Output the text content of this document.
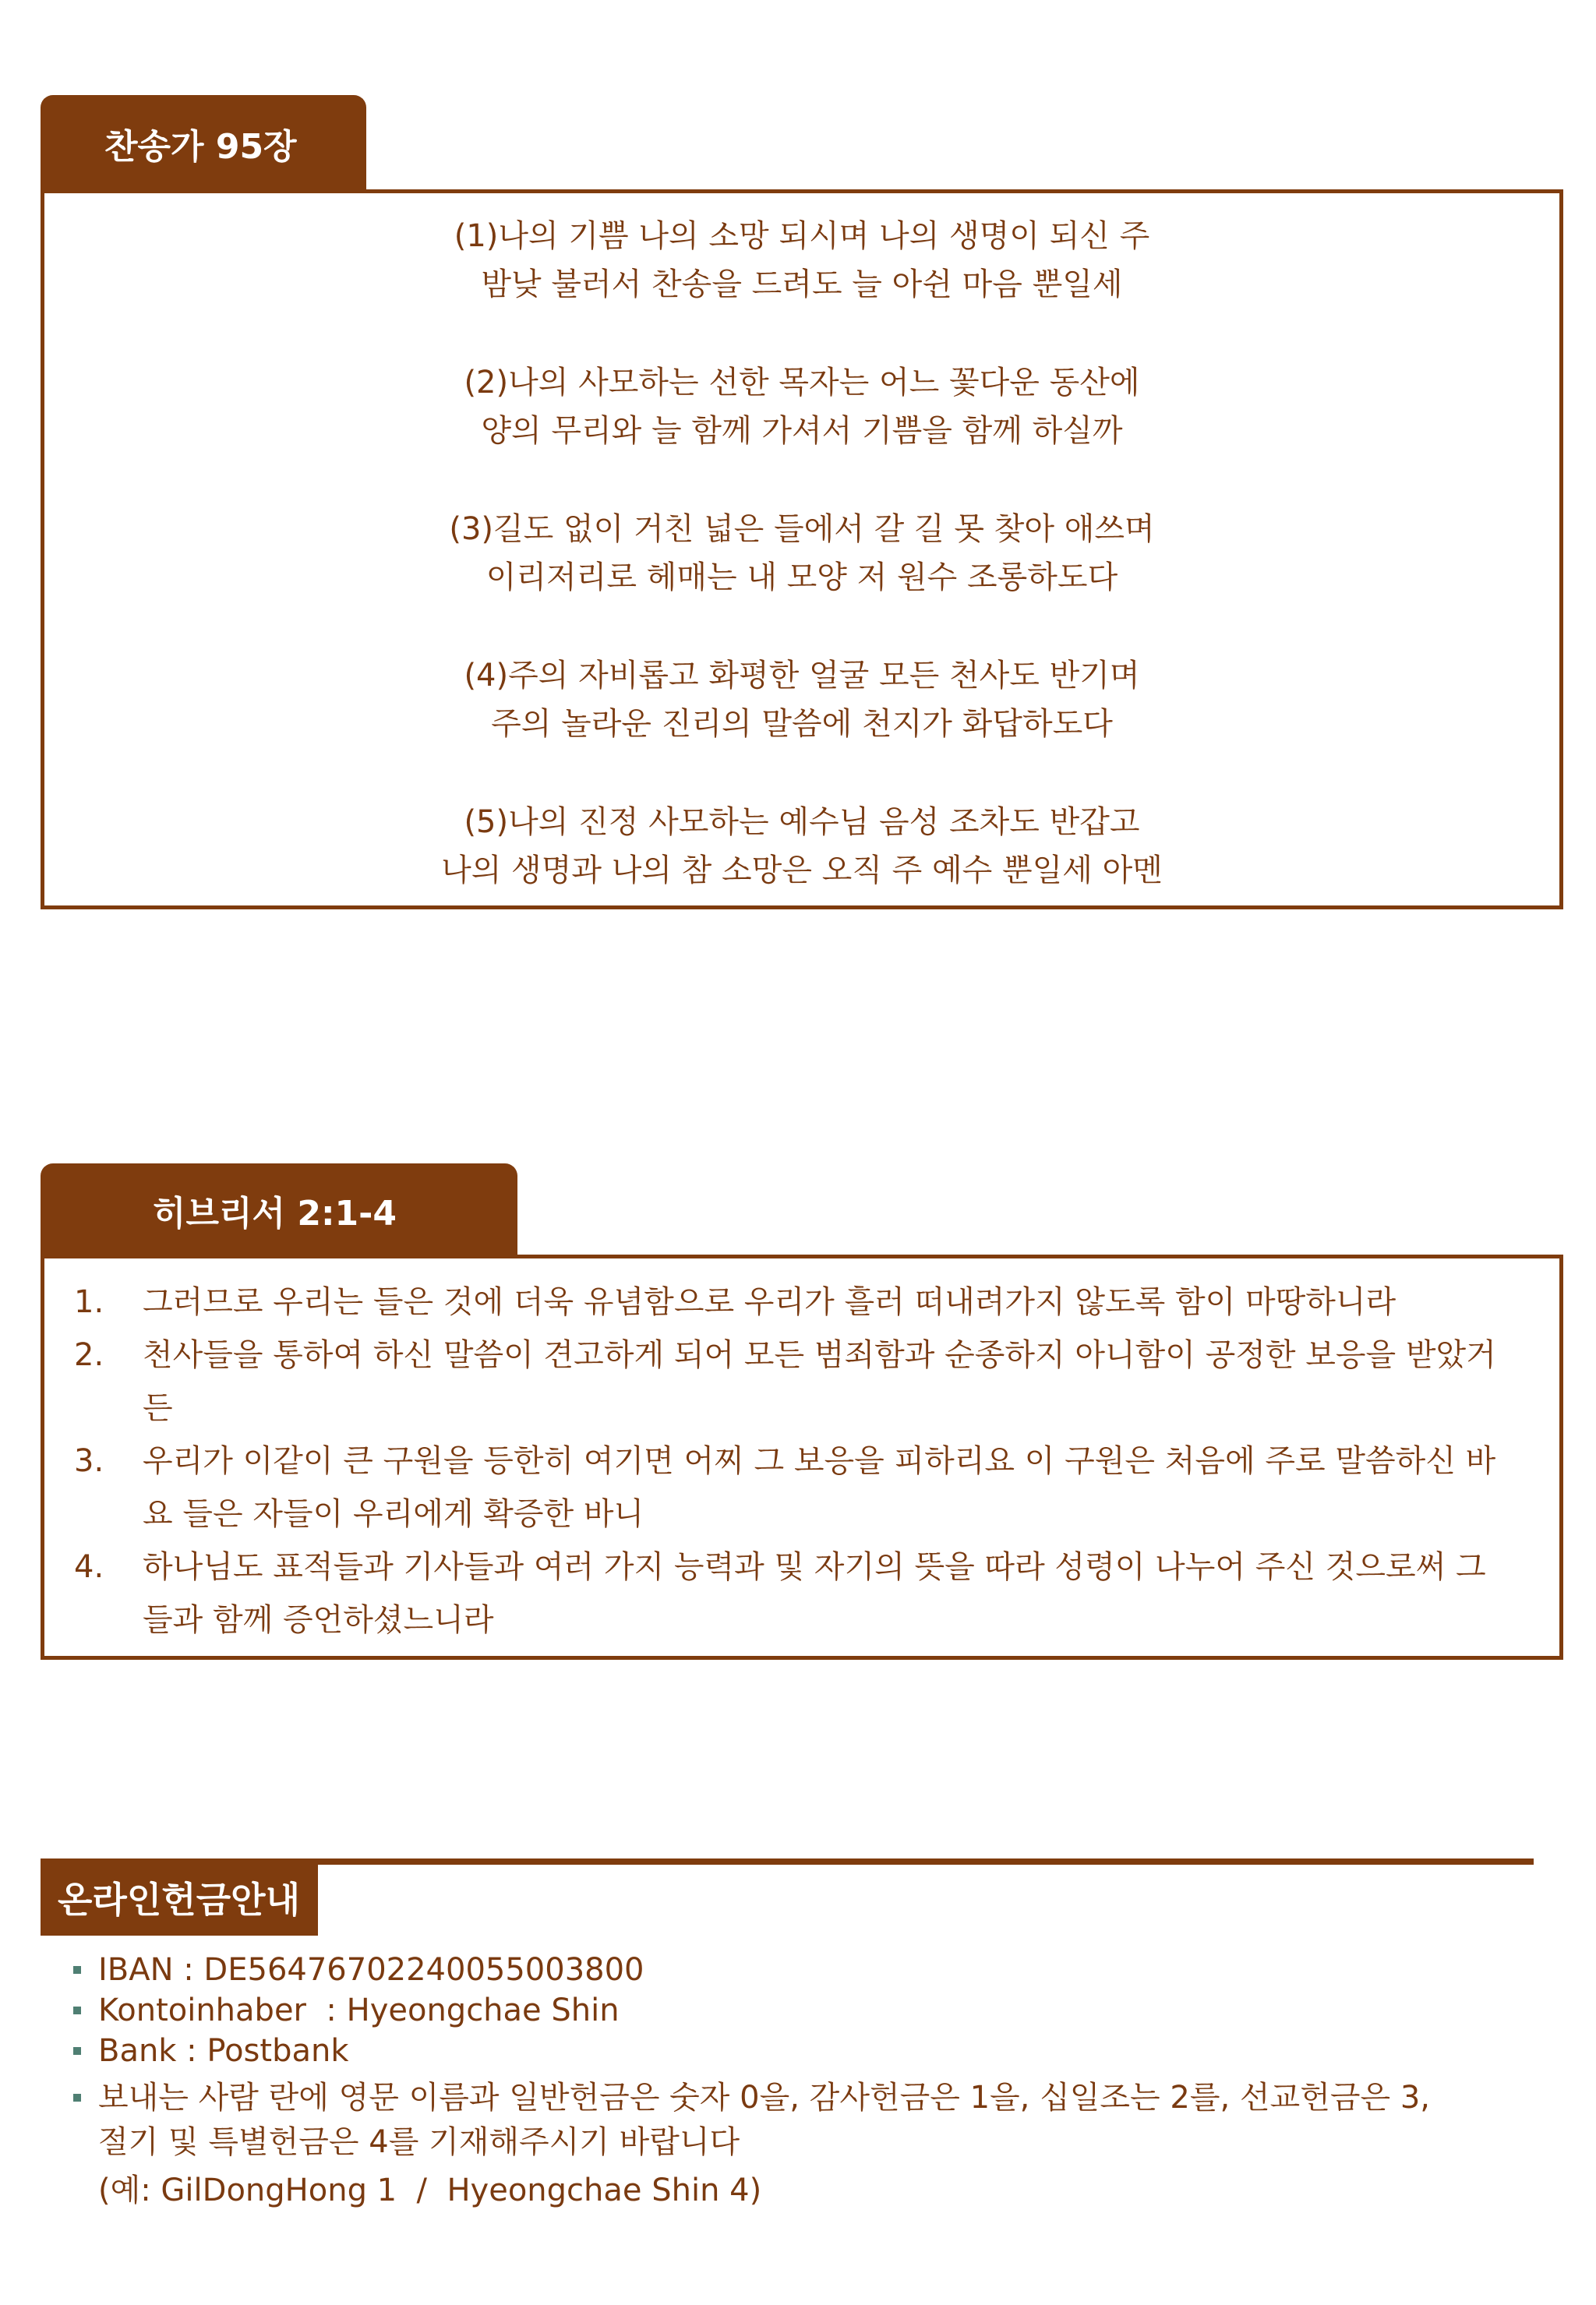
찬송가 95장
(1)나의 기쁨 나의 소망 되시며 나의 생명이 되신 주
밤낮 불러서 찬송을 드려도 늘 아쉰 마음 뿐일세
(2)나의 사모하는 선한 목자는 어느 꽃다운 동산에
양의 무리와 늘 함께 가셔서 기쁨을 함께 하실까
(3)길도 없이 거친 넓은 들에서 갈 길 못 찾아 애쓰며
이리저리로 헤매는 내 모양 저 원수 조롱하도다
(4)주의 자비롭고 화평한 얼굴 모든 천사도 반기며
주의 놀라운 진리의 말씀에 천지가 화답하도다
(5)나의 진정 사모하는 예수님 음성 조차도 반갑고
나의 생명과 나의 참 소망은 오직 주 예수 뿐일세 아멘
히브리서 2:1-4
1.	그러므로 우리는 들은 것에 더욱 유념함으로 우리가 흘러 떠내려가지 않도록 함이 마땅하니라
2.	천사들을 통하여 하신 말씀이 견고하게 되어 모든 범죄함과 순종하지 아니함이 공정한 보응을 받았거
든
3.	우리가 이같이 큰 구원을 등한히 여기면 어찌 그 보응을 피하리요 이 구원은 처음에 주로 말씀하신 바
요 들은 자들이 우리에게 확증한 바니
4.	하나님도 표적들과 기사들과 여러 가지 능력과 및 자기의 뜻을 따라 성령이 나누어 주신 것으로써 그
들과 함께 증언하셨느니라
온라인헌금안내
IBAN : DE56476702240055003800
Kontoinhaber  : Hyeongchae Shin
Bank : Postbank
보내는 사람 란에 영문 이름과 일반헌금은 숫자 0을, 감사헌금은 1을, 십일조는 2를, 선교헌금은 3,
절기 및 특별헌금은 4를 기재해주시기 바랍니다
(예: GilDongHong 1  /  Hyeongchae Shin 4)
